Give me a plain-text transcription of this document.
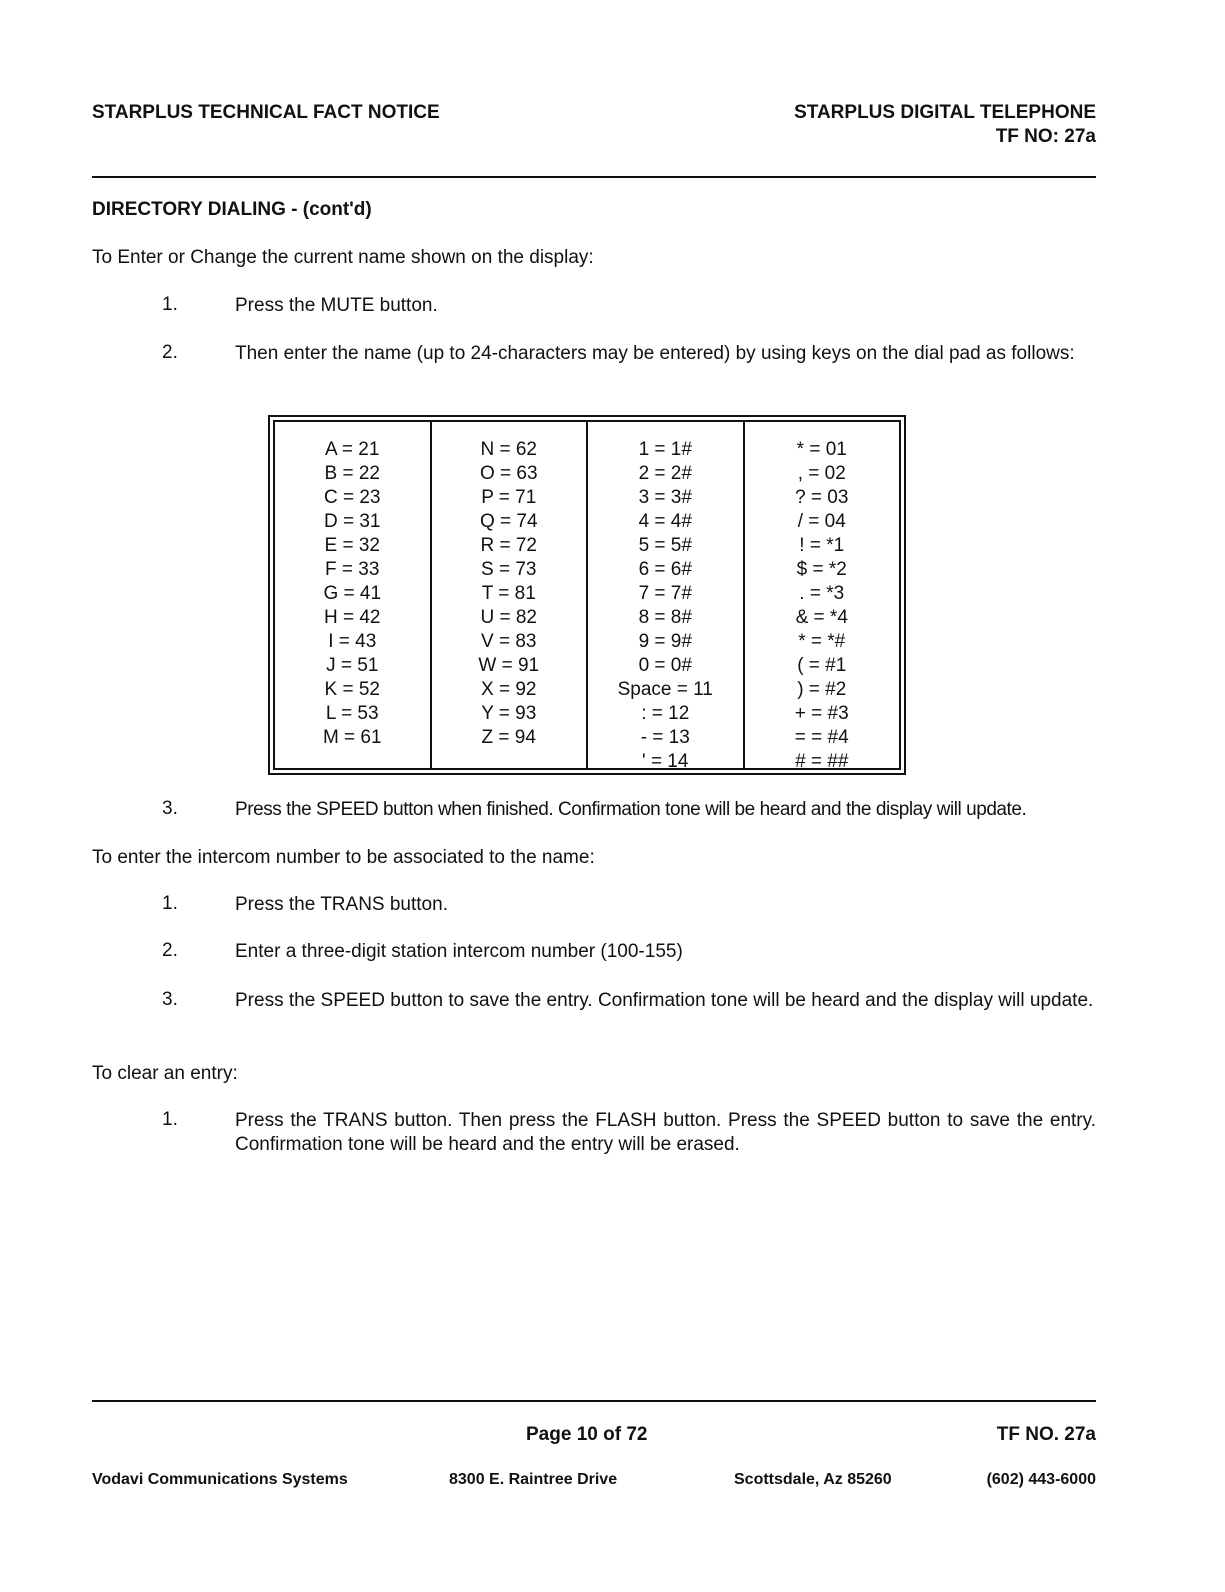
STARPLUS TECHNICAL FACT NOTICE	STARPLUS DIGITAL TELEPHONE
TF NO: 27a
DIRECTORY DIALING - (cont'd)
To Enter or Change the current name shown on the display:
1.	Press the MUTE button.
2.	Then enter the name (up to 24-characters may be entered) by using keys on the dial pad as follows:
A = 21
B = 22
C = 23
D = 31
E = 32
F = 33
G = 41
H = 42
I = 43
J = 51
K = 52
L = 53
M = 61
N = 62
O = 63
P = 71
Q = 74
R = 72
S = 73
T = 81
U = 82
V = 83
W = 91
X = 92
Y = 93
Z = 94
1 = 1#
2 = 2#
3 = 3#
4 = 4#
5 = 5#
6 = 6#
7 = 7#
8 = 8#
9 = 9#
0 = 0#
Space = 11
: = 12
- = 13
' = 14
* = 01
, = 02
? = 03
/ = 04
! = *1
$ = *2
. = *3
& = *4
* = *#
( = #1
) = #2
+ = #3
= = #4
# = ##
3.	Press the SPEED button when finished. Confirmation tone will be heard and the display will update.
To enter the intercom number to be associated to the name:
1.	Press the TRANS button.
2.	Enter a three-digit station intercom number (100-155)
3.	Press the SPEED button to save the entry. Confirmation tone will be heard and the display will update.
To clear an entry:
1.	Press the TRANS button. Then press the FLASH button. Press the SPEED button to save the entry. Confirmation tone will be heard and the entry will be erased.
Page 10 of 72	TF NO. 27a
Vodavi Communications Systems	8300 E. Raintree Drive	Scottsdale, Az 85260	(602) 443-6000
